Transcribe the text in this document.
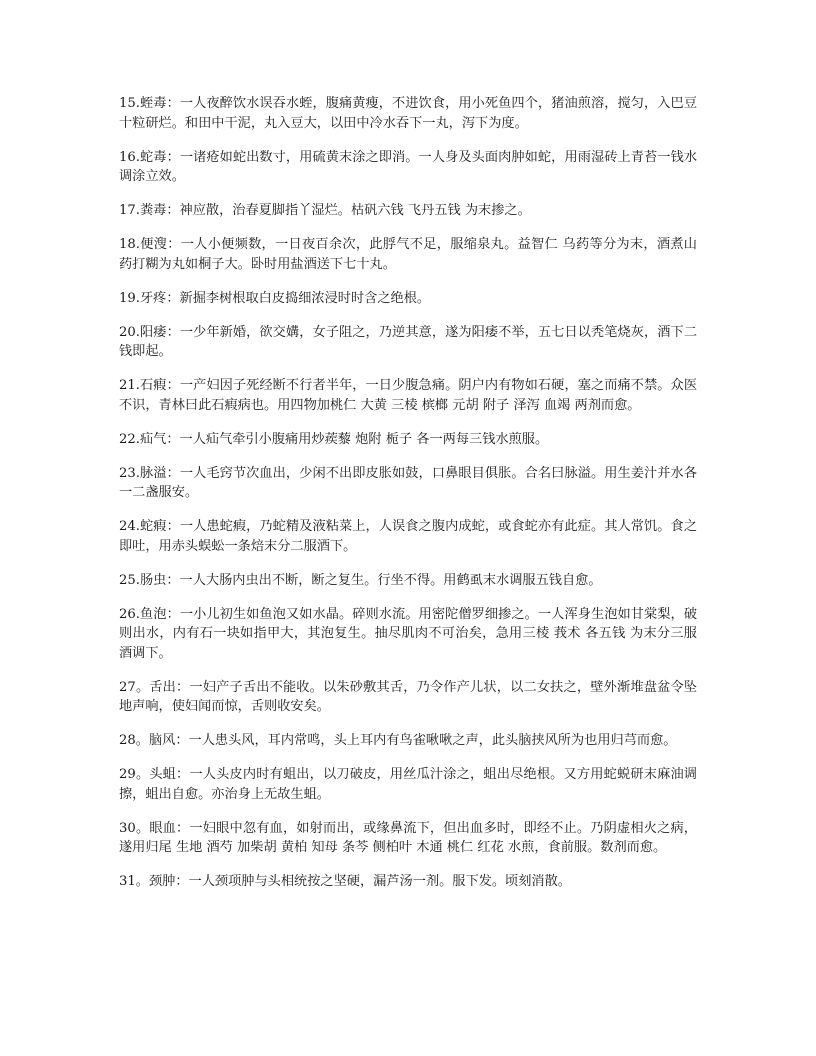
15.蛭毒：一人夜醉饮水误吞水蛭，腹痛黄瘦，不进饮食，用小死鱼四个，猪油煎溶，搅匀，入巴豆十粒研烂。和田中干泥，丸入豆大，以田中冷水吞下一丸，泻下为度。

16.蛇毒：一诸疮如蛇出数寸，用硫黄末涂之即消。一人身及头面肉肿如蛇，用雨湿砖上青苔一钱水调涂立效。

17.粪毒：神应散，治春夏脚指丫湿烂。枯矾六钱 飞丹五钱 为末掺之。

18.便溲：一人小便频数，一日夜百余次，此脬气不足，服缩泉丸。益智仁 乌药等分为末，酒煮山药打糊为丸如桐子大。卧时用盐酒送下七十丸。

19.牙疼：新掘李树根取白皮捣细浓浸时时含之绝根。

20.阳痿：一少年新婚，欲交媾，女子阻之，乃逆其意，遂为阳痿不举，五七日以秃笔烧灰，酒下二钱即起。

21.石瘕：一产妇因子死经断不行者半年，一日少腹急痛。阴户内有物如石硬，塞之而痛不禁。众医不识，青林曰此石瘕病也。用四物加桃仁 大黄 三棱 槟榔 元胡 附子 泽泻 血竭 两剂而愈。

22.疝气：一人疝气牵引小腹痛用炒蒺藜 炮附 栀子 各一两每三钱水煎服。

23.脉溢：一人毛窍节次血出，少闲不出即皮胀如鼓，口鼻眼目俱胀。合名曰脉溢。用生姜汁并水各一二盏服安。

24.蛇瘕：一人患蛇瘕，乃蛇精及液粘菜上，人误食之腹内成蛇，或食蛇亦有此症。其人常饥。食之即吐，用赤头蜈蚣一条焙末分二服酒下。

25.肠虫：一人大肠内虫出不断，断之复生。行坐不得。用鹤虱末水调服五钱自愈。

26.鱼泡：一小儿初生如鱼泡又如水晶。碎则水流。用密陀僧罗细掺之。一人浑身生泡如甘棠梨，破则出水，内有石一块如指甲大，其泡复生。抽尽肌肉不可治矣，急用三棱 莪术 各五钱 为末分三服酒调下。

27。舌出：一妇产子舌出不能收。以朱砂敷其舌，乃令作产儿状，以二女扶之，壁外渐堆盘盆令坠地声响，使妇闻而惊，舌则收安矣。

28。脑风：一人患头风，耳内常鸣，头上耳内有鸟雀啾啾之声，此头脑挟风所为也用归芎而愈。

29。头蛆：一人头皮内时有蛆出，以刀破皮，用丝瓜汁涂之，蛆出尽绝根。又方用蛇蜕研末麻油调擦，蛆出自愈。亦治身上无故生蛆。

30。眼血：一妇眼中忽有血，如射而出，或缘鼻流下，但出血多时，即经不止。乃阴虚相火之病，遂用归尾 生地 酒芍 加柴胡 黄柏 知母 条芩 侧柏叶 木通 桃仁 红花 水煎，食前服。数剂而愈。

31。颈肿：一人颈项肿与头相统按之坚硬，漏芦汤一剂。服下发。顷刻消散。
